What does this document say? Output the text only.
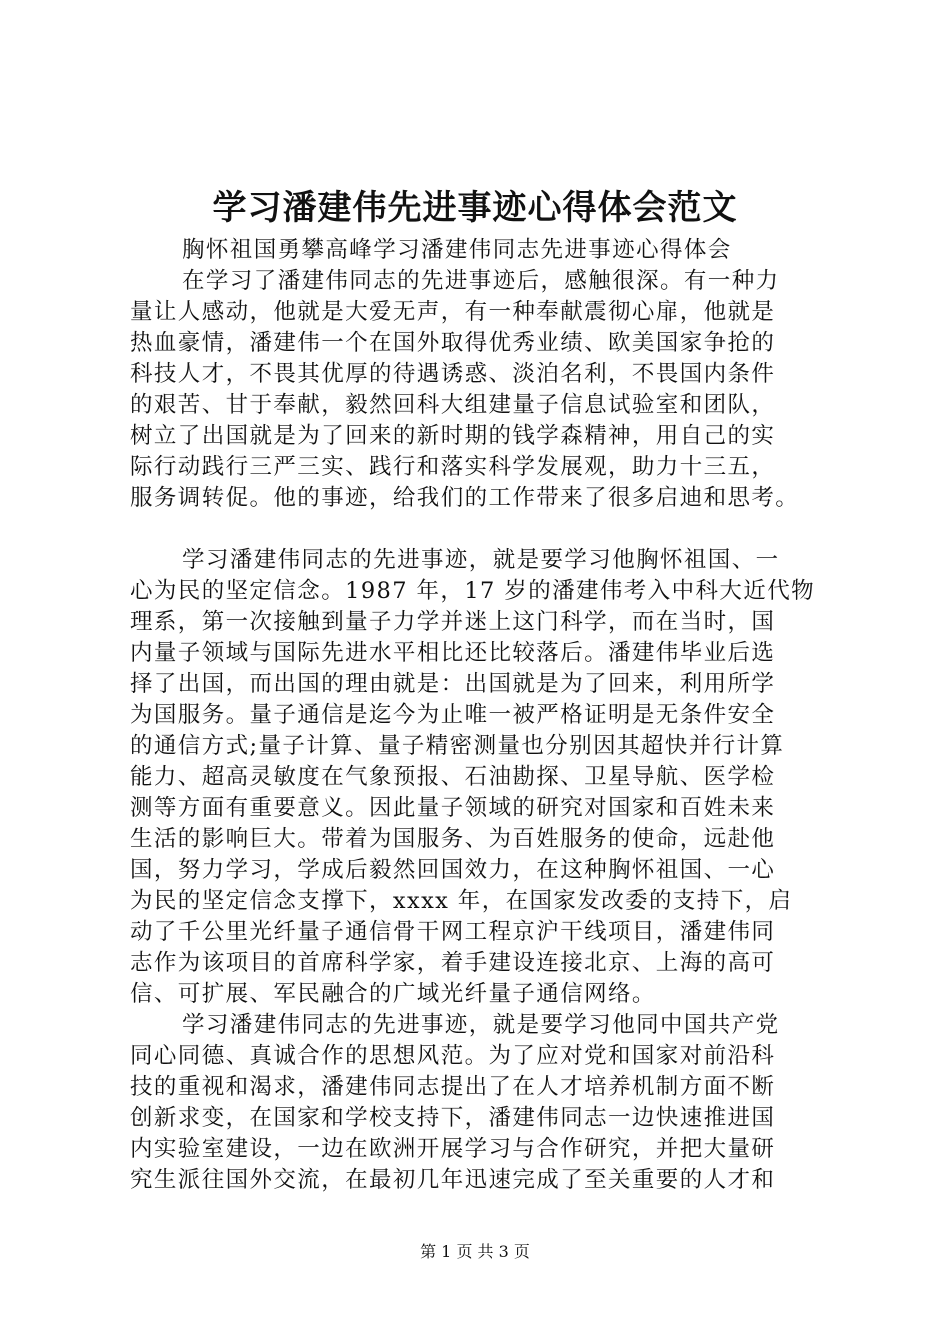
学习潘建伟先进事迹心得体会范文

胸怀祖国勇攀高峰学习潘建伟同志先进事迹心得体会

在学习了潘建伟同志的先进事迹后，感触很深。有一种力

量让人感动，他就是大爱无声，有一种奉献震彻心扉，他就是

热血豪情，潘建伟一个在国外取得优秀业绩、欧美国家争抢的

科技人才，不畏其优厚的待遇诱惑、淡泊名利，不畏国内条件

的艰苦、甘于奉献，毅然回科大组建量子信息试验室和团队，

树立了出国就是为了回来的新时期的钱学森精神，用自己的实

际行动践行三严三实、践行和落实科学发展观，助力十三五，

服务调转促。他的事迹，给我们的工作带来了很多启迪和思考。

学习潘建伟同志的先进事迹，就是要学习他胸怀祖国、一

心为民的坚定信念。1987 年，17 岁的潘建伟考入中科大近代物

理系，第一次接触到量子力学并迷上这门科学，而在当时，国

内量子领域与国际先进水平相比还比较落后。潘建伟毕业后选

择了出国，而出国的理由就是：出国就是为了回来，利用所学

为国服务。量子通信是迄今为止唯一被严格证明是无条件安全

的通信方式;量子计算、量子精密测量也分别因其超快并行计算

能力、超高灵敏度在气象预报、石油勘探、卫星导航、医学检

测等方面有重要意义。因此量子领域的研究对国家和百姓未来

生活的影响巨大。带着为国服务、为百姓服务的使命，远赴他

国，努力学习，学成后毅然回国效力，在这种胸怀祖国、一心

为民的坚定信念支撑下，xxxx 年，在国家发改委的支持下，启

动了千公里光纤量子通信骨干网工程京沪干线项目，潘建伟同

志作为该项目的首席科学家，着手建设连接北京、上海的高可

信、可扩展、军民融合的广域光纤量子通信网络。

学习潘建伟同志的先进事迹，就是要学习他同中国共产党

同心同德、真诚合作的思想风范。为了应对党和国家对前沿科

技的重视和渴求，潘建伟同志提出了在人才培养机制方面不断

创新求变，在国家和学校支持下，潘建伟同志一边快速推进国

内实验室建设，一边在欧洲开展学习与合作研究，并把大量研

究生派往国外交流，在最初几年迅速完成了至关重要的人才和

第 1 页 共 3 页
